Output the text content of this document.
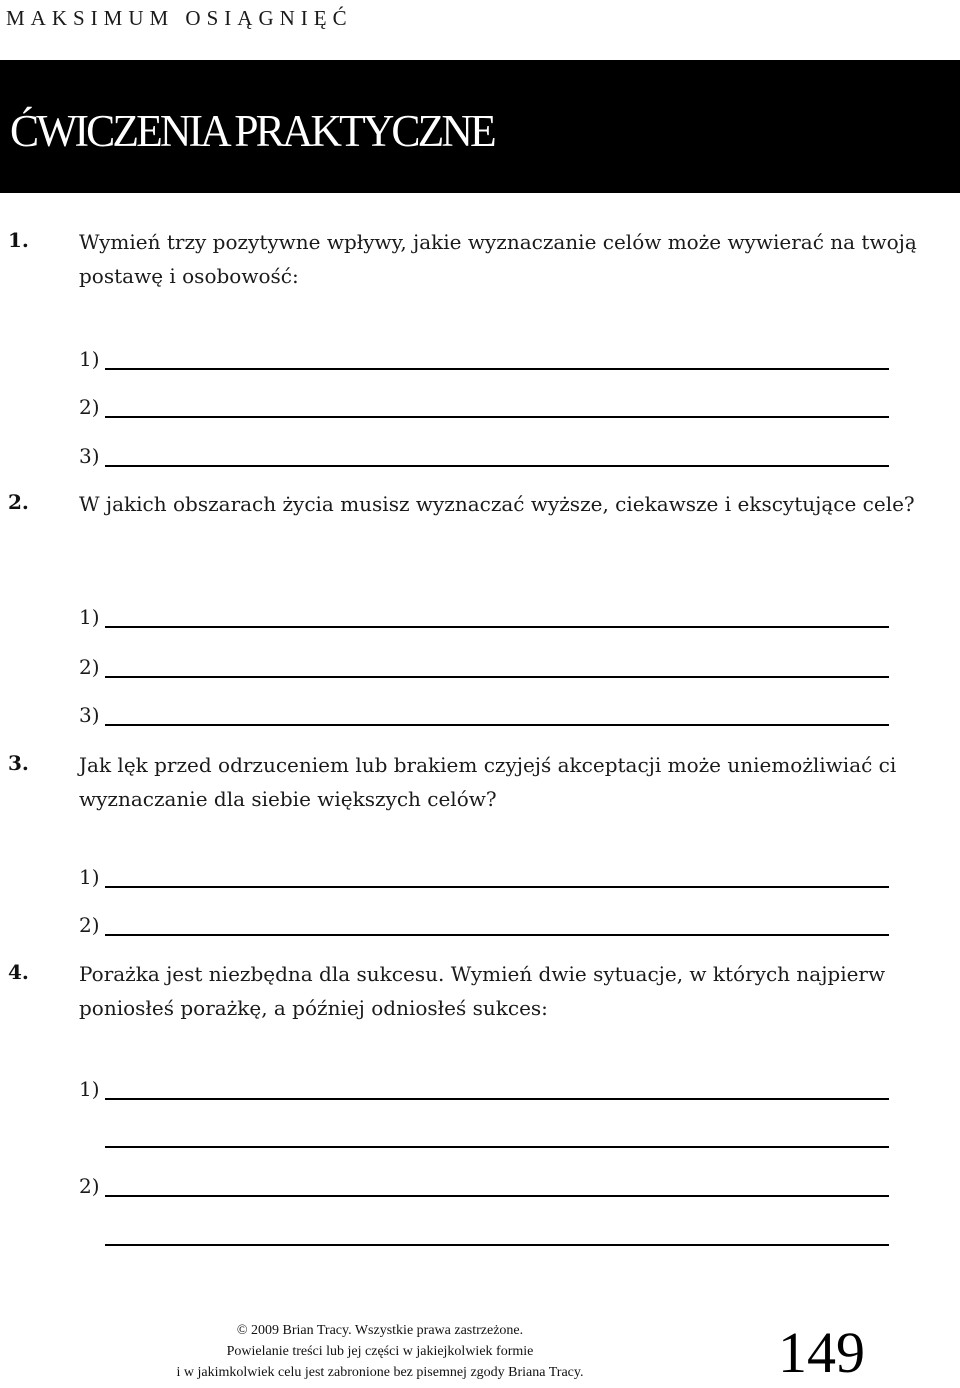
MAKSIMUM OSIĄGNIĘĆ
ĆWICZENIA PRAKTYCZNE
1.	Wymień trzy pozytywne wpływy, jakie wyznaczanie celów może wywierać na twoją postawę i osobowość:
1)
2)
3)
2.	W jakich obszarach życia musisz wyznaczać wyższe, ciekawsze i ekscytujące cele?
1)
2)
3)
3.	Jak lęk przed odrzuceniem lub brakiem czyjejś akceptacji może uniemożliwiać ci wyznaczanie dla siebie większych celów?
1)
2)
4.	Porażka jest niezbędna dla sukcesu. Wymień dwie sytuacje, w których najpierw poniosłeś porażkę, a później odniosłeś sukces:
1)
2)
© 2009 Brian Tracy. Wszystkie prawa zastrzeżone.
Powielanie treści lub jej części w jakiejkolwiek formie
i w jakimkolwiek celu jest zabronione bez pisemnej zgody Briana Tracy.	149
